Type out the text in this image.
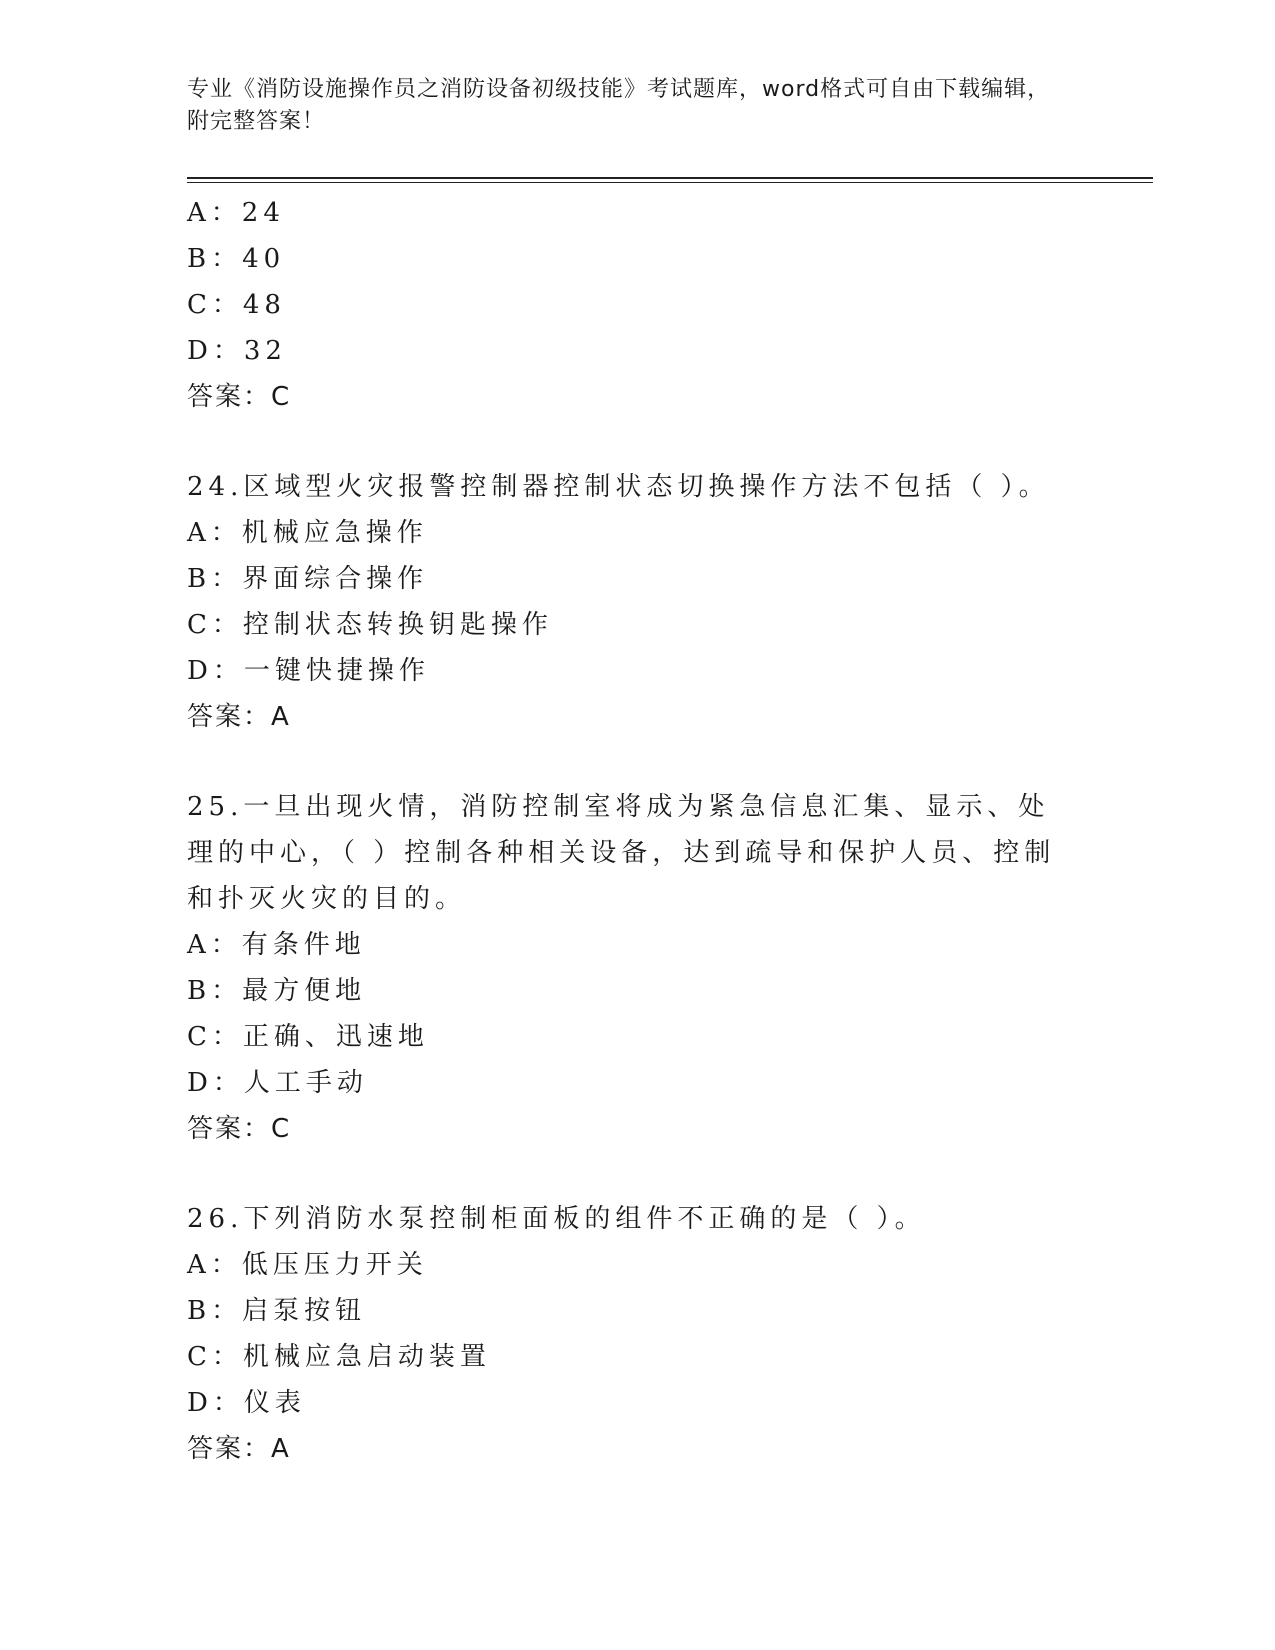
专业《消防设施操作员之消防设备初级技能》考试题库，word格式可自由下载编辑，附完整答案！
A：24
B：40
C：48
D：32
答案：C
24.区域型火灾报警控制器控制状态切换操作方法不包括（ ）。
A：机械应急操作
B：界面综合操作
C：控制状态转换钥匙操作
D：一键快捷操作
答案：A
25.一旦出现火情，消防控制室将成为紧急信息汇集、显示、处理的中心，（ ）控制各种相关设备，达到疏导和保护人员、控制和扑灭火灾的目的。
A：有条件地
B：最方便地
C：正确、迅速地
D：人工手动
答案：C
26.下列消防水泵控制柜面板的组件不正确的是（ ）。
A：低压压力开关
B：启泵按钮
C：机械应急启动装置
D：仪表
答案：A
